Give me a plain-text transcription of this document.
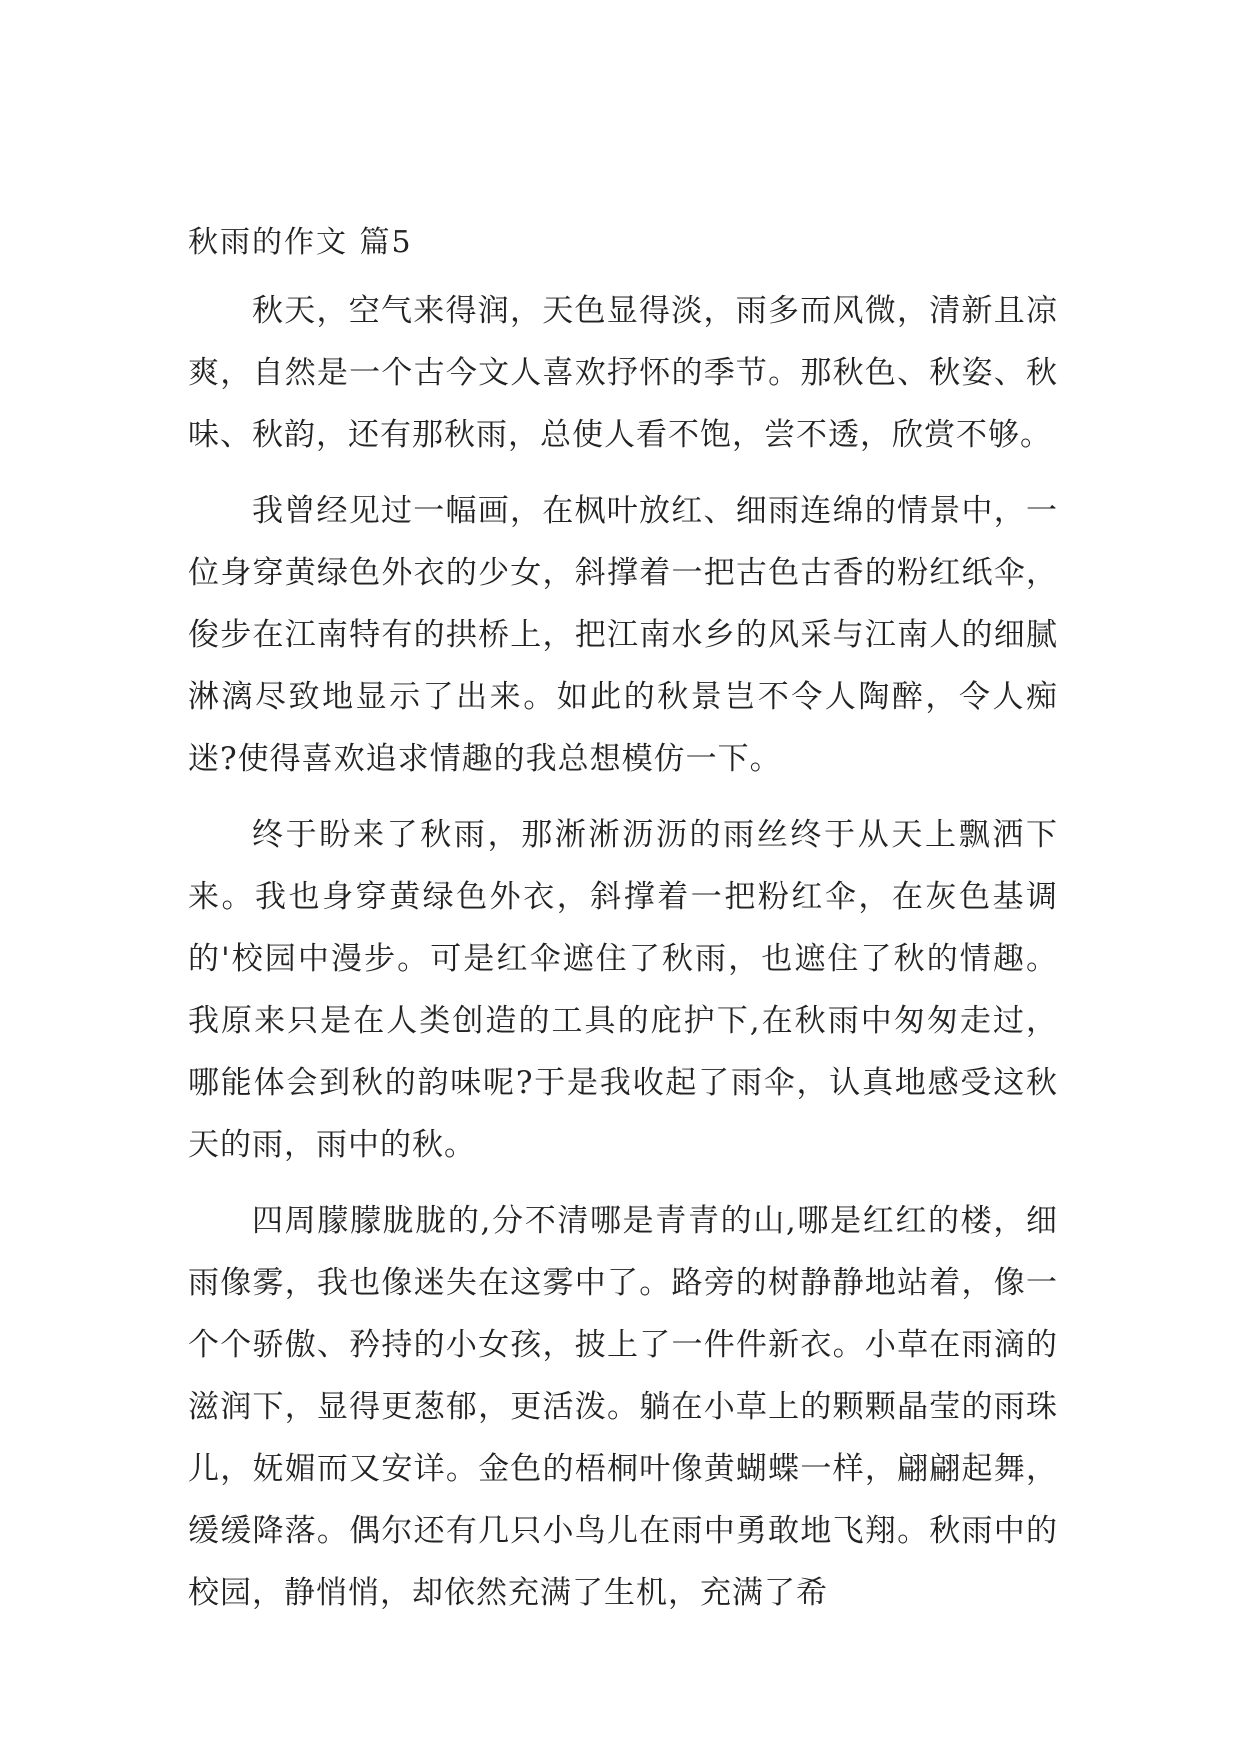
秋雨的作文 篇5

秋天，空气来得润，天色显得淡，雨多而风微，清新且凉爽，自然是一个古今文人喜欢抒怀的季节。那秋色、秋姿、秋味、秋韵，还有那秋雨，总使人看不饱，尝不透，欣赏不够。

我曾经见过一幅画，在枫叶放红、细雨连绵的情景中，一位身穿黄绿色外衣的少女，斜撑着一把古色古香的粉红纸伞，俊步在江南特有的拱桥上，把江南水乡的风采与江南人的细腻淋漓尽致地显示了出来。如此的秋景岂不令人陶醉，令人痴迷?使得喜欢追求情趣的我总想模仿一下。

终于盼来了秋雨，那淅淅沥沥的雨丝终于从天上飘洒下来。我也身穿黄绿色外衣，斜撑着一把粉红伞，在灰色基调的'校园中漫步。可是红伞遮住了秋雨，也遮住了秋的情趣。我原来只是在人类创造的工具的庇护下,在秋雨中匆匆走过，哪能体会到秋的韵味呢?于是我收起了雨伞，认真地感受这秋天的雨，雨中的秋。

四周朦朦胧胧的,分不清哪是青青的山,哪是红红的楼，细雨像雾，我也像迷失在这雾中了。路旁的树静静地站着，像一个个骄傲、矜持的小女孩，披上了一件件新衣。小草在雨滴的滋润下，显得更葱郁，更活泼。躺在小草上的颗颗晶莹的雨珠儿，妩媚而又安详。金色的梧桐叶像黄蝴蝶一样，翩翩起舞，缓缓降落。偶尔还有几只小鸟儿在雨中勇敢地飞翔。秋雨中的校园，静悄悄，却依然充满了生机，充满了希
